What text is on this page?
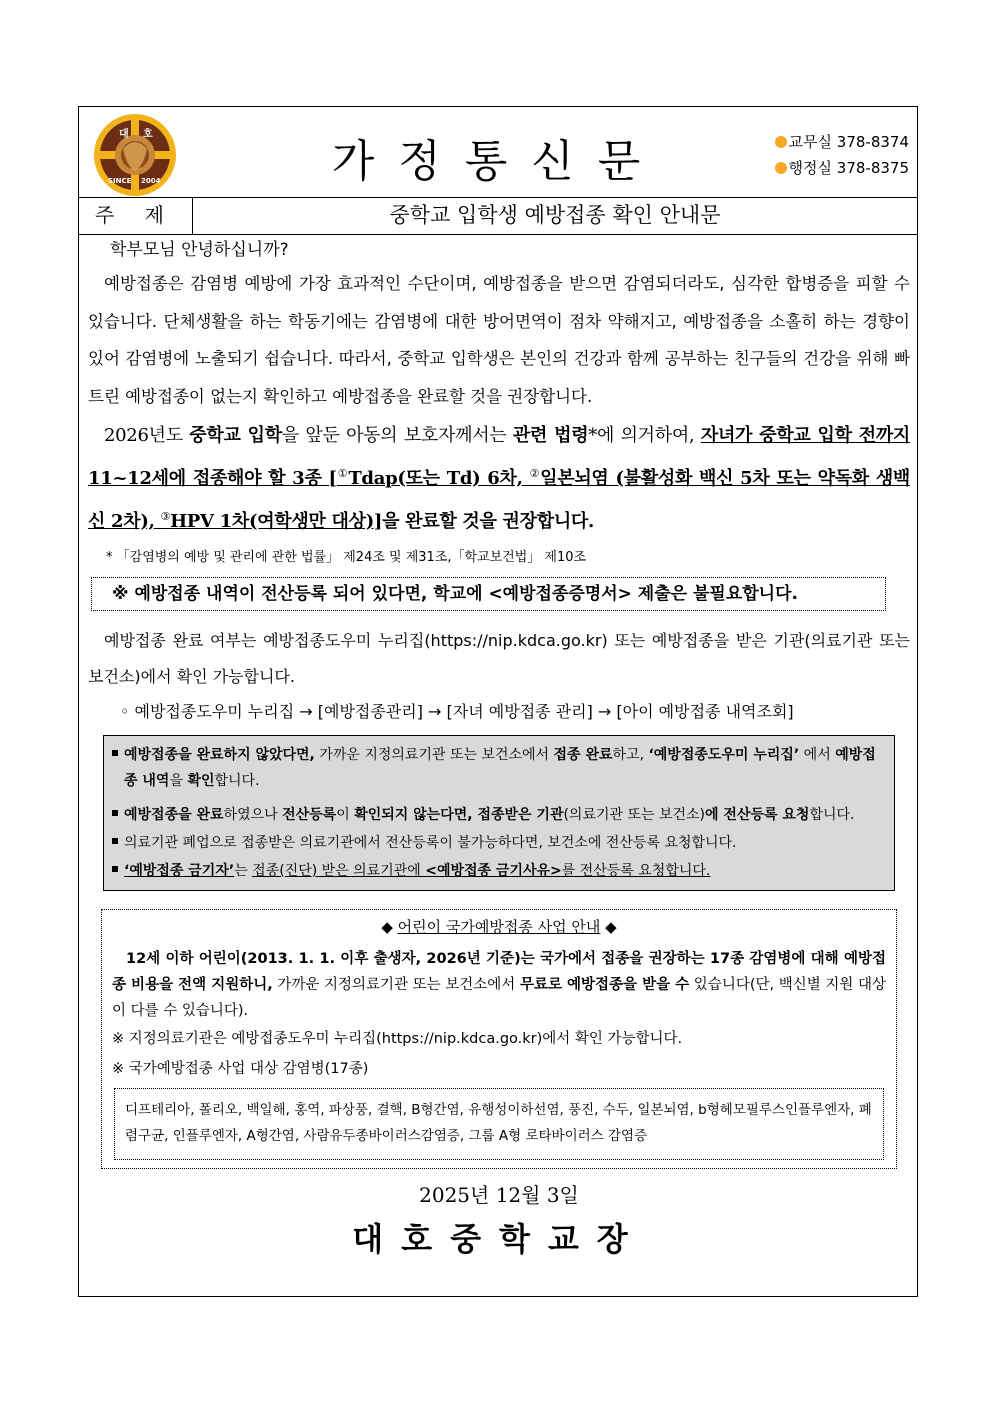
대 호
SINCE 2004	가정통신문	교무실 378-8374
행정실 378-8375
주 제	중학교 입학생 예방접종 확인 안내문

학부모님 안녕하십니까?

예방접종은 감염병 예방에 가장 효과적인 수단이며, 예방접종을 받으면 감염되더라도, 심각한 합병증을 피할 수 있습니다. 단체생활을 하는 학동기에는 감염병에 대한 방어면역이 점차 약해지고, 예방접종을 소홀히 하는 경향이 있어 감염병에 노출되기 쉽습니다. 따라서, 중학교 입학생은 본인의 건강과 함께 공부하는 친구들의 건강을 위해 빠트린 예방접종이 없는지 확인하고 예방접종을 완료할 것을 권장합니다.

2026년도 중학교 입학을 앞둔 아동의 보호자께서는 관련 법령*에 의거하여, 자녀가 중학교 입학 전까지 11~12세에 접종해야 할 3종 [①Tdap(또는 Td) 6차, ②일본뇌염 (불활성화 백신 5차 또는 약독화 생백신 2차), ③HPV 1차(여학생만 대상)]을 완료할 것을 권장합니다.

* 「감염병의 예방 및 관리에 관한 법률」 제24조 및 제31조,「학교보건법」 제10조

※ 예방접종 내역이 전산등록 되어 있다면, 학교에 <예방접종증명서> 제출은 불필요합니다.

예방접종 완료 여부는 예방접종도우미 누리집(https://nip.kdca.go.kr) 또는 예방접종을 받은 기관(의료기관 또는 보건소)에서 확인 가능합니다.

◦ 예방접종도우미 누리집 → [예방접종관리] → [자녀 예방접종 관리] → [아이 예방접종 내역조회]

예방접종을 완료하지 않았다면, 가까운 지정의료기관 또는 보건소에서 접종 완료하고, ‘예방접종도우미 누리집’ 에서 예방접종 내역을 확인합니다.
예방접종을 완료하였으나 전산등록이 확인되지 않는다면, 접종받은 기관(의료기관 또는 보건소)에 전산등록 요청합니다.
의료기관 폐업으로 접종받은 의료기관에서 전산등록이 불가능하다면, 보건소에 전산등록 요청합니다.
‘예방접종 금기자’는 접종(진단) 받은 의료기관에 <예방접종 금기사유>를 전산등록 요청합니다.
◆ 어린이 국가예방접종 사업 안내 ◆

12세 이하 어린이(2013. 1. 1. 이후 출생자, 2026년 기준)는 국가에서 접종을 권장하는 17종 감염병에 대해 예방접종 비용을 전액 지원하니, 가까운 지정의료기관 또는 보건소에서 무료로 예방접종을 받을 수 있습니다(단, 백신별 지원 대상이 다를 수 있습니다).

※ 지정의료기관은 예방접종도우미 누리집(https://nip.kdca.go.kr)에서 확인 가능합니다.

※ 국가예방접종 사업 대상 감염병(17종)

디프테리아, 폴리오, 백일해, 홍역, 파상풍, 결핵, B형간염, 유행성이하선염, 풍진, 수두, 일본뇌염, b형헤모필루스인플루엔자, 폐렴구균, 인플루엔자, A형간염, 사람유두종바이러스감염증, 그룹 A형 로타바이러스 감염증
2025년 12월 3일
대호중학교장
